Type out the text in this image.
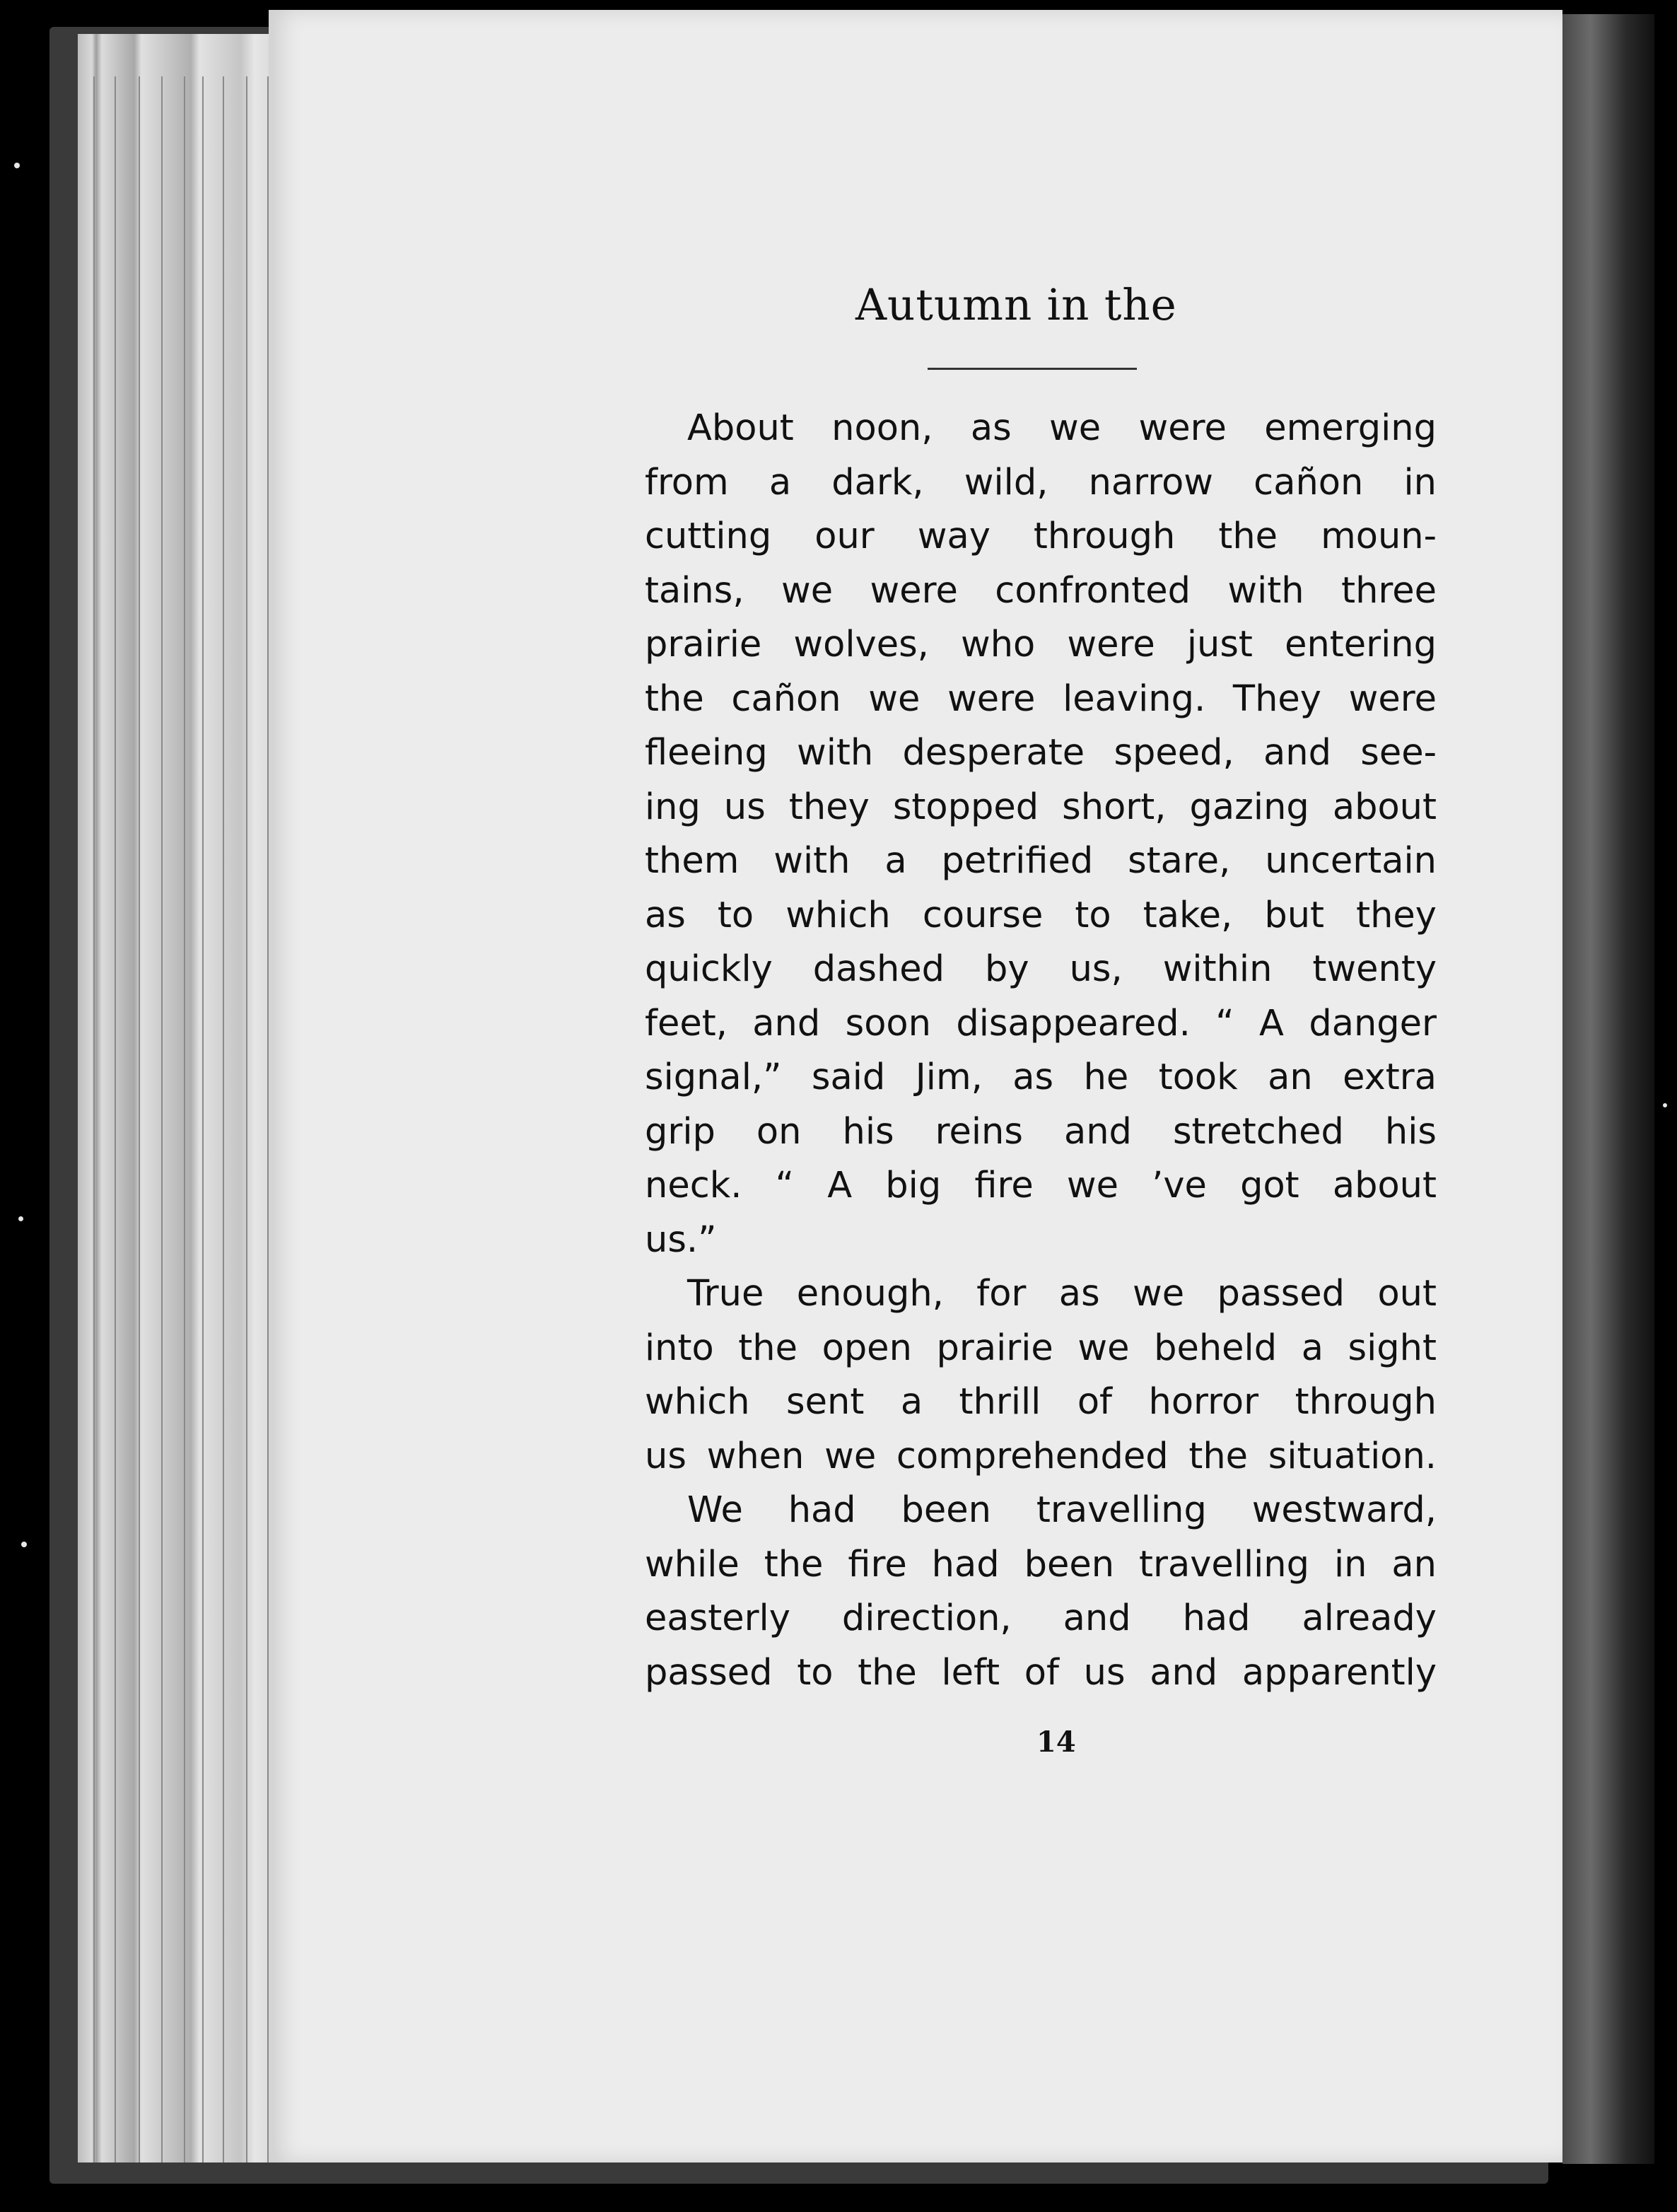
Autumn in the
About noon, as we were emerging
from a dark, wild, narrow cañon in
cutting our way through the moun-
tains, we were confronted with three
prairie wolves, who were just entering
the cañon we were leaving. They were
fleeing with desperate speed, and see-
ing us they stopped short, gazing about
them with a petrified stare, uncertain
as to which course to take, but they
quickly dashed by us, within twenty
feet, and soon disappeared. “ A danger
signal,” said Jim, as he took an extra
grip on his reins and stretched his
neck. “ A big fire we ’ve got about
us.”
True enough, for as we passed out
into the open prairie we beheld a sight
which sent a thrill of horror through
us when we comprehended the situation.
We had been travelling westward,
while the fire had been travelling in an
easterly direction, and had already
passed to the left of us and apparently
14
